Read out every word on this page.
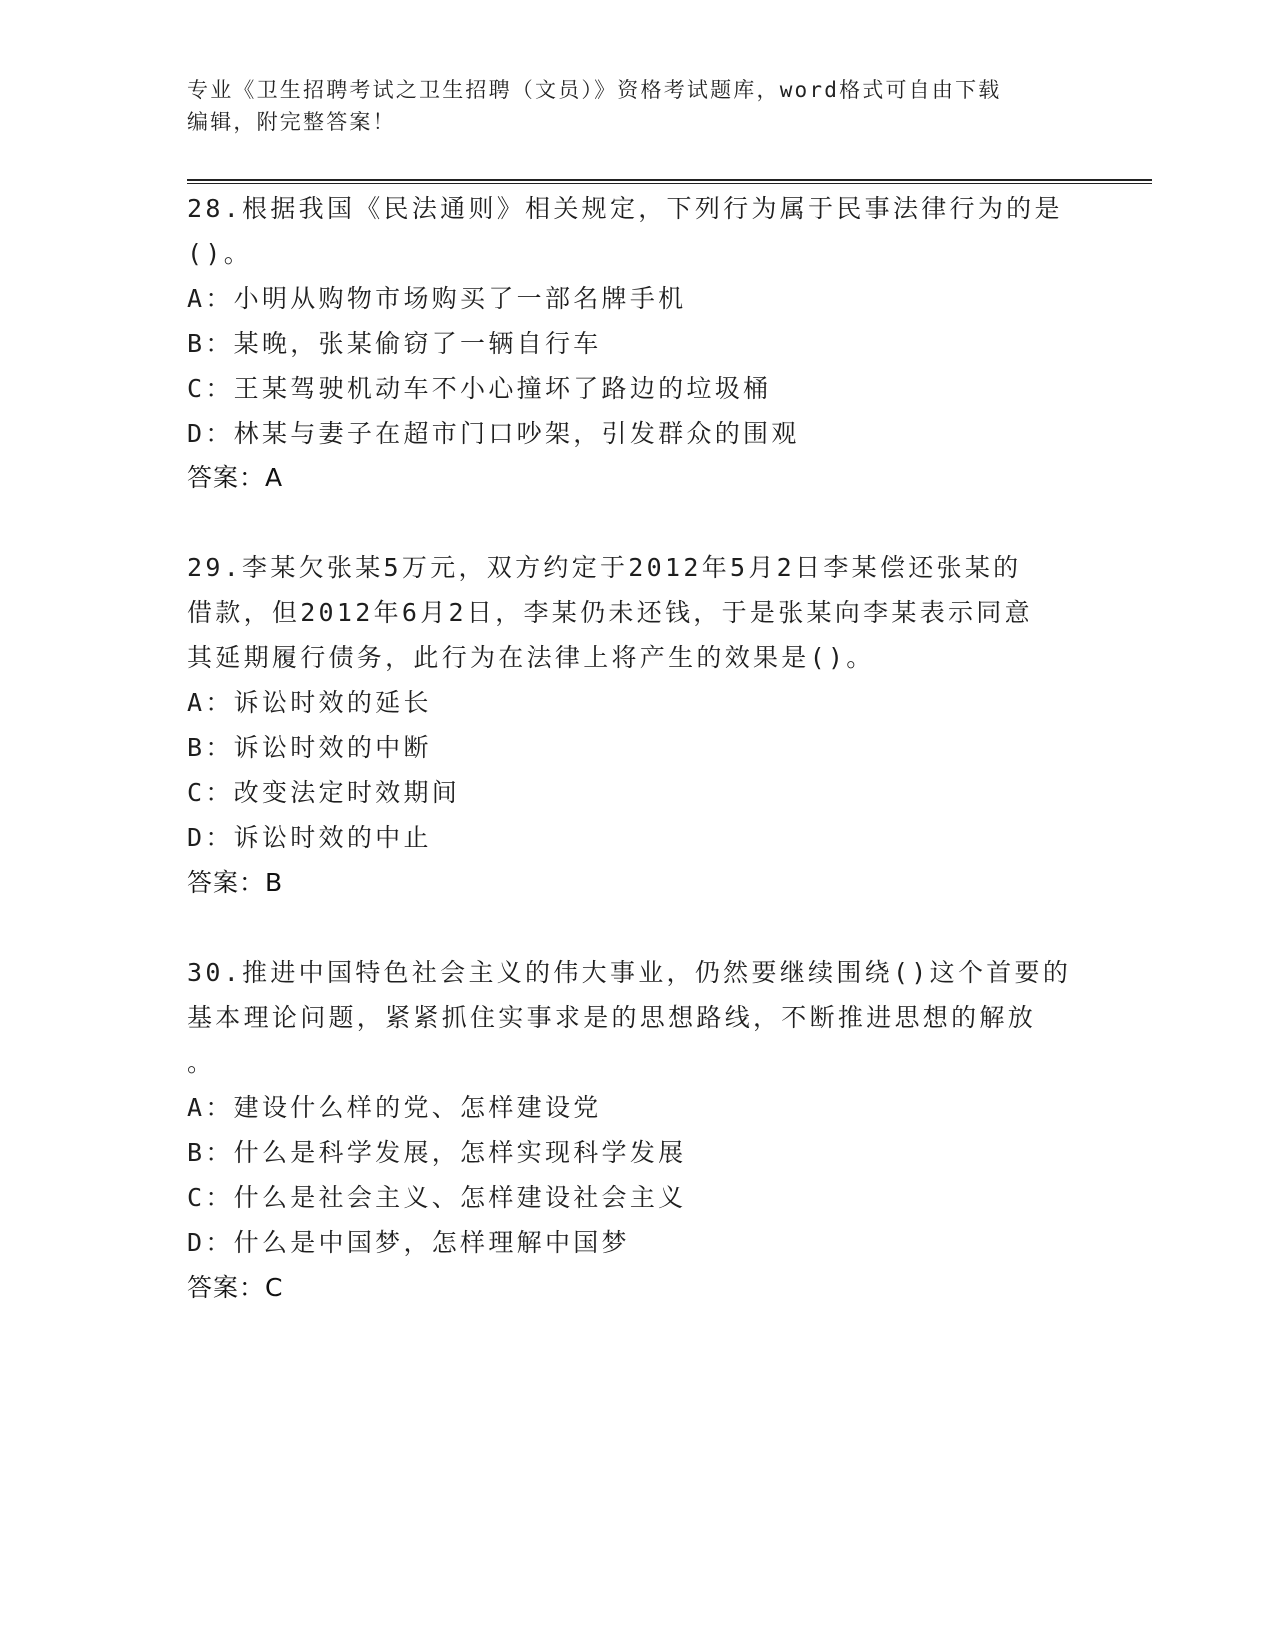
专业《卫生招聘考试之卫生招聘（文员）》资格考试题库，word格式可自由下载
编辑，附完整答案！
28.根据我国《民法通则》相关规定，下列行为属于民事法律行为的是
()。
A：小明从购物市场购买了一部名牌手机
B：某晚，张某偷窃了一辆自行车
C：王某驾驶机动车不小心撞坏了路边的垃圾桶
D：林某与妻子在超市门口吵架，引发群众的围观
答案：A
29.李某欠张某5万元，双方约定于2012年5月2日李某偿还张某的
借款，但2012年6月2日，李某仍未还钱，于是张某向李某表示同意
其延期履行债务，此行为在法律上将产生的效果是()。
A：诉讼时效的延长
B：诉讼时效的中断
C：改变法定时效期间
D：诉讼时效的中止
答案：B
30.推进中国特色社会主义的伟大事业，仍然要继续围绕()这个首要的
基本理论问题，紧紧抓住实事求是的思想路线，不断推进思想的解放
。
A：建设什么样的党、怎样建设党
B：什么是科学发展，怎样实现科学发展
C：什么是社会主义、怎样建设社会主义
D：什么是中国梦，怎样理解中国梦
答案：C
